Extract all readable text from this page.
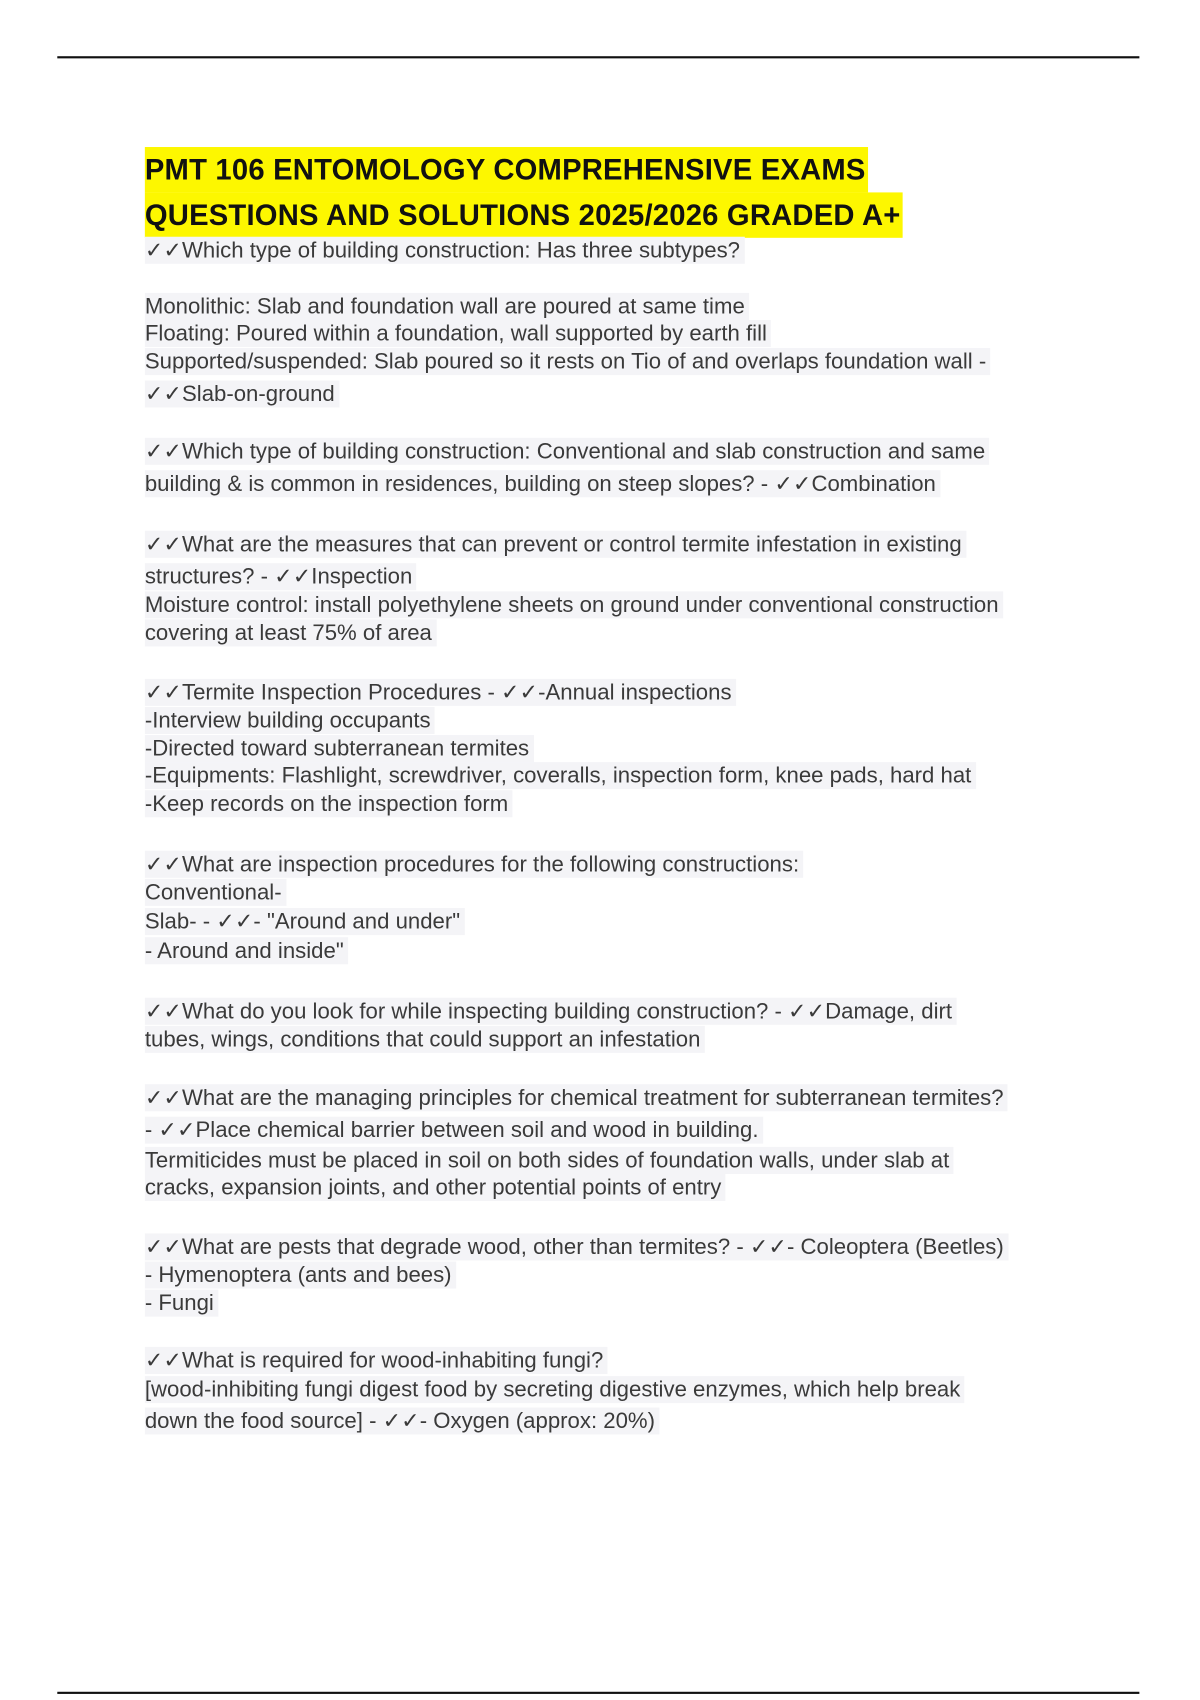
PMT 106 ENTOMOLOGY COMPREHENSIVE EXAMS
QUESTIONS AND SOLUTIONS 2025/2026 GRADED A+
✓✓Which type of building construction: Has three subtypes?
Monolithic: Slab and foundation wall are poured at same time
Floating: Poured within a foundation, wall supported by earth fill
Supported/suspended: Slab poured so it rests on Tio of and overlaps foundation wall -
✓✓Slab-on-ground
✓✓Which type of building construction: Conventional and slab construction and same
building & is common in residences, building on steep slopes? - ✓✓Combination
✓✓What are the measures that can prevent or control termite infestation in existing
structures? - ✓✓Inspection
Moisture control: install polyethylene sheets on ground under conventional construction
covering at least 75% of area
✓✓Termite Inspection Procedures - ✓✓-Annual inspections
-Interview building occupants
-Directed toward subterranean termites
-Equipments: Flashlight, screwdriver, coveralls, inspection form, knee pads, hard hat
-Keep records on the inspection form
✓✓What are inspection procedures for the following constructions:
Conventional-
Slab- - ✓✓- "Around and under"
- Around and inside"
✓✓What do you look for while inspecting building construction? - ✓✓Damage, dirt
tubes, wings, conditions that could support an infestation
✓✓What are the managing principles for chemical treatment for subterranean termites?
- ✓✓Place chemical barrier between soil and wood in building.
Termiticides must be placed in soil on both sides of foundation walls, under slab at
cracks, expansion joints, and other potential points of entry
✓✓What are pests that degrade wood, other than termites? - ✓✓- Coleoptera (Beetles)
- Hymenoptera (ants and bees)
- Fungi
✓✓What is required for wood-inhabiting fungi?
[wood-inhibiting fungi digest food by secreting digestive enzymes, which help break
down the food source] - ✓✓- Oxygen (approx: 20%)
